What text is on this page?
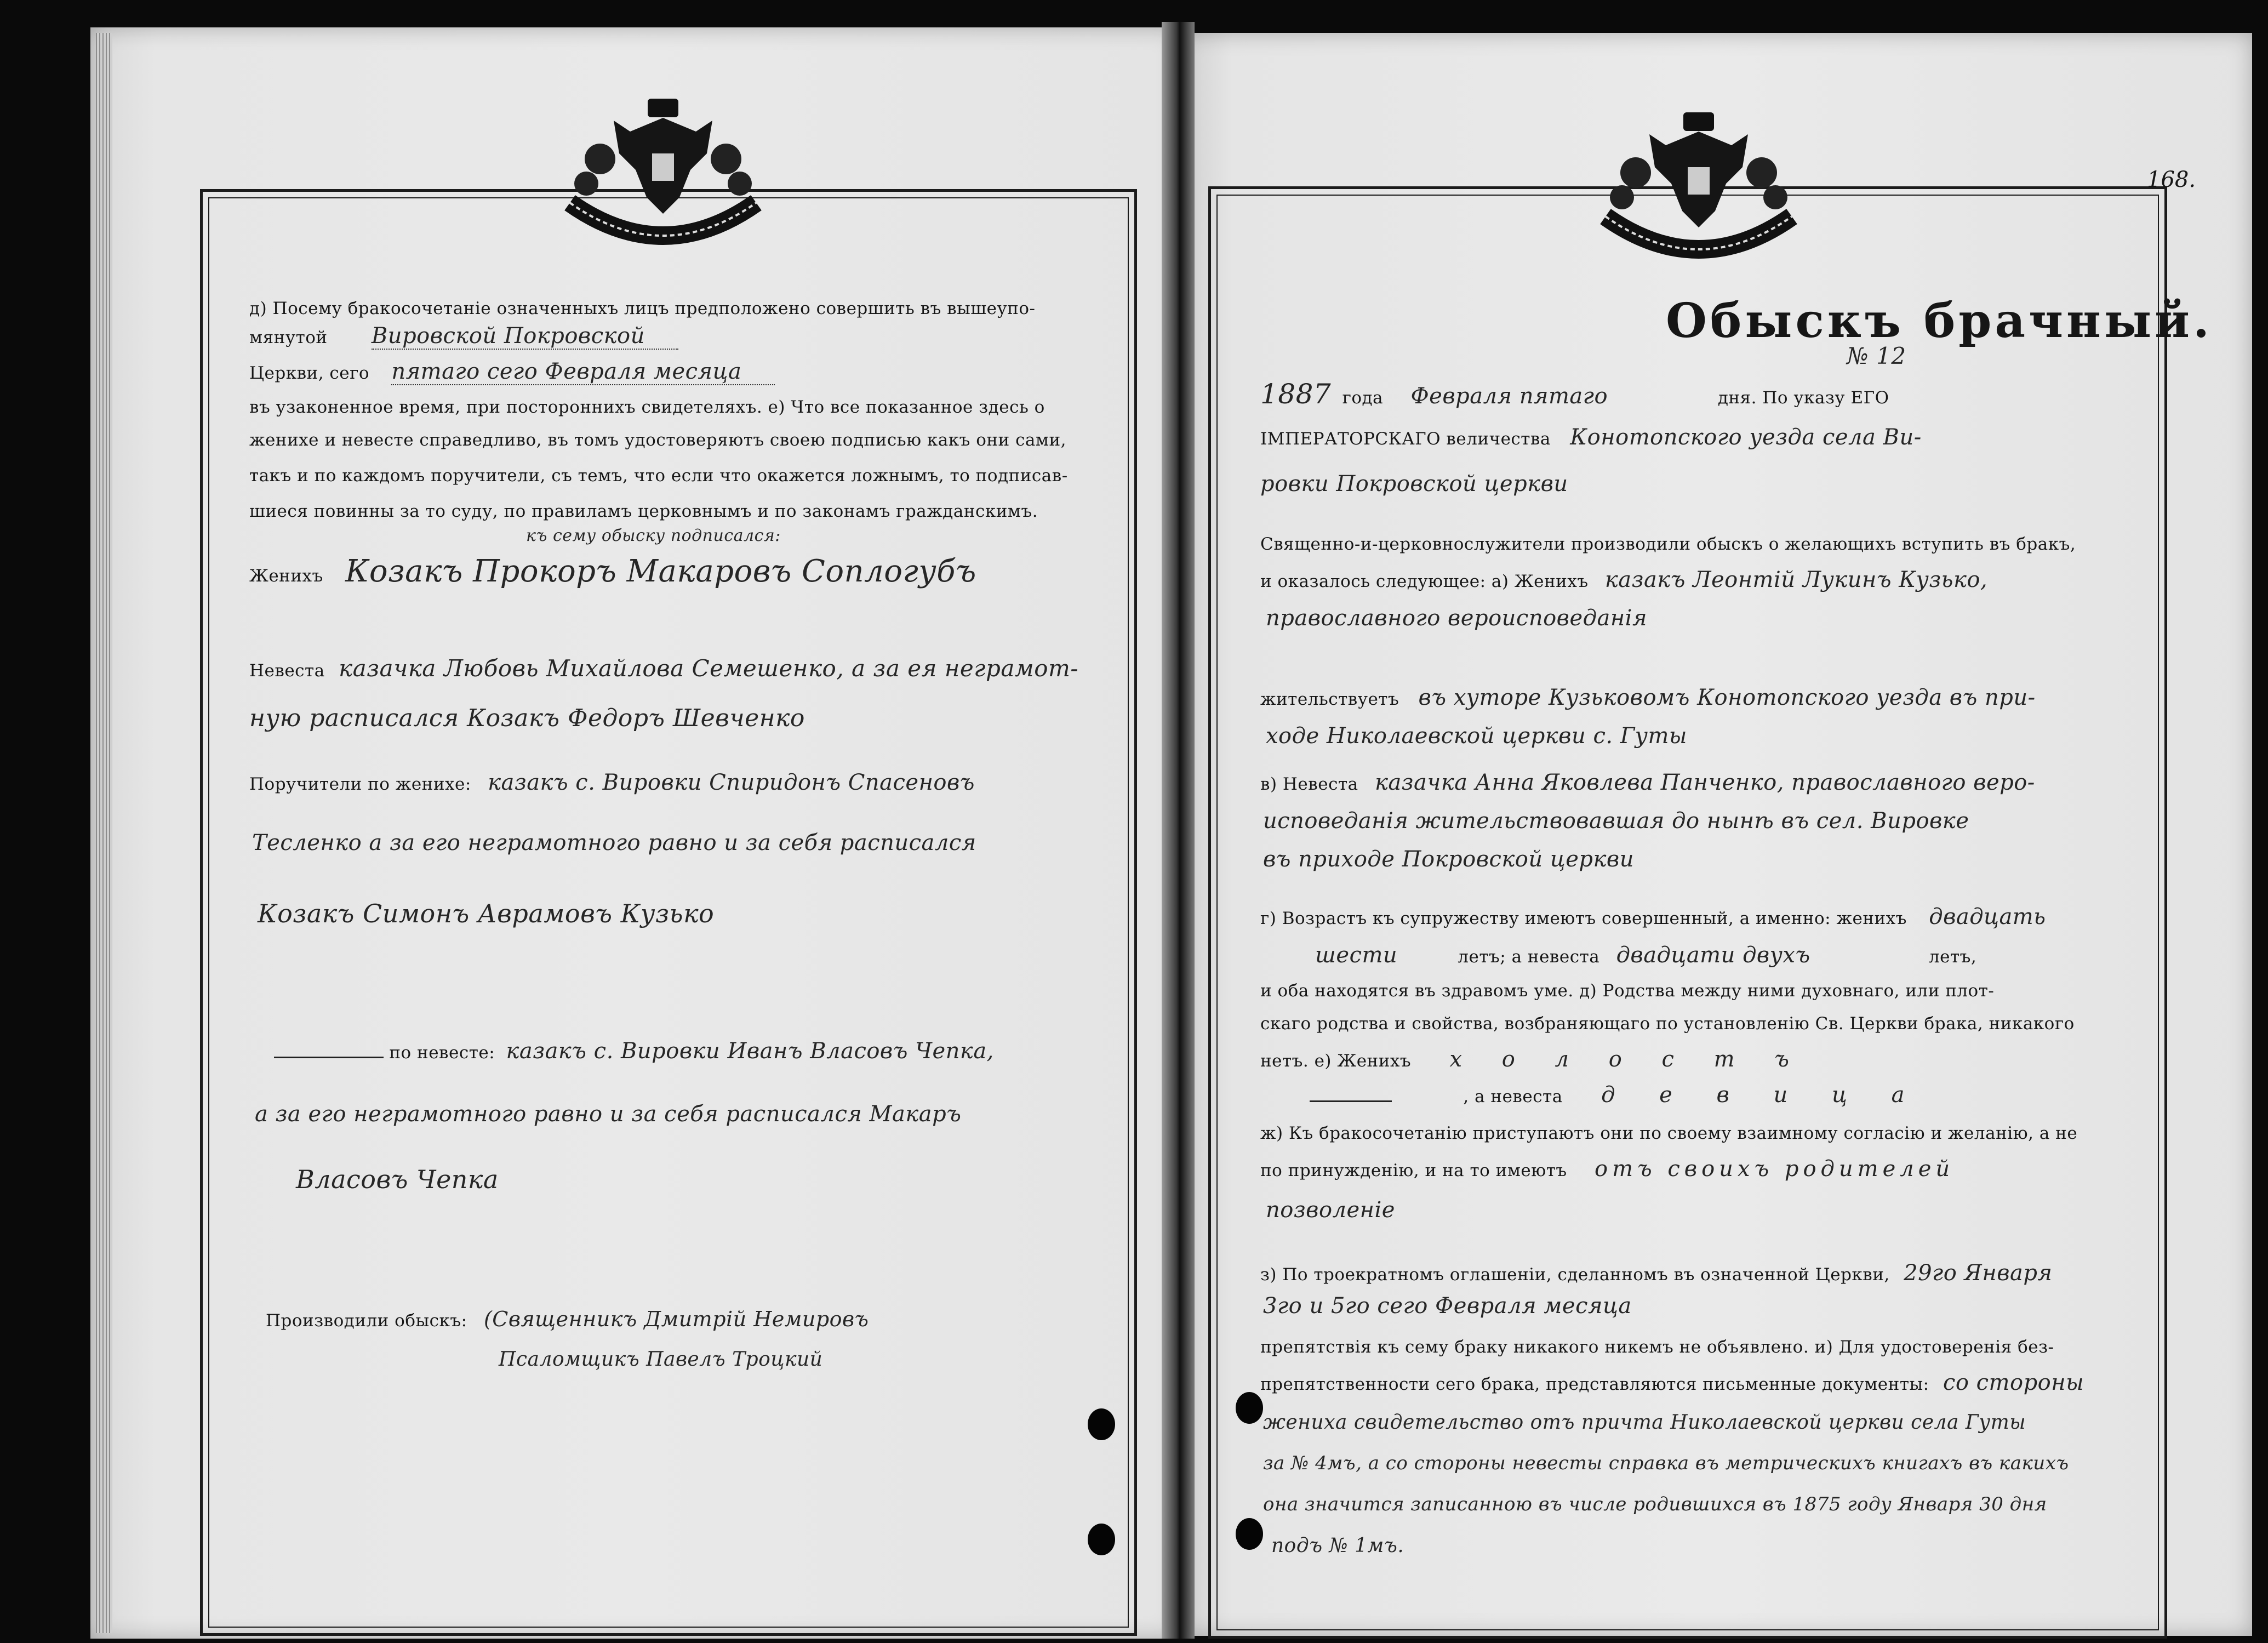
168.
д) Посему бракосочетанiе означенныхъ лицъ предположено совершить въ вышеупо-
мянутой Вировской Покровской
Церкви, сего пятаго сего Февраля месяца
въ узаконенное время, при постороннихъ свидетеляхъ. е) Что все показанное здесь о
женихе и невесте справедливо, въ томъ удостоверяютъ своею подписью какъ они сами,
такъ и по каждомъ поручители, съ темъ, что если что окажется ложнымъ, то подписав-
шиеся повинны за то суду, по правиламъ церковнымъ и по законамъ гражданскимъ.
къ сему обыску подписался:
Женихъ Козакъ Прокоръ Макаровъ Соплогубъ
Невеста казачка Любовь Михайлова Семешенко, а за ея неграмот-
ную расписался Козакъ Федоръ Шевченко
Поручители по женихе: казакъ с. Вировки Спиридонъ Спасеновъ
Тесленко а за его неграмотного равно и за себя расписался
Козакъ Симонъ Аврамовъ Кузько
по невесте: казакъ с. Вировки Иванъ Власовъ Чепка,
а за его неграмотного равно и за себя расписался Макаръ
Власовъ Чепка
Производили обыскъ: (Священникъ Дмитрiй Немировъ
Псаломщикъ Павелъ Троцкий
Обыскъ брачный.
№ 12
1887 года Февраля пятаго	дня. По указу ЕГО
IМПЕРАТОРСКАГО величества Конотопского уезда села Ви-
ровки Покровской церкви
Священно-и-церковнослужители производили обыскъ о желающихъ вступить въ бракъ,
и оказалось следующее: а) Женихъ казакъ Леонтiй Лукинъ Кузько,
православного вероисповеданiя
жительствуетъ въ хуторе Кузьковомъ Конотопского уезда въ при-
ходе Николаевской церкви с. Гуты
в) Невеста казачка Анна Яковлева Панченко, православного веро-
исповеданiя жительствовавшая до нынѣ въ сел. Вировке
въ приходе Покровской церкви
г) Возрастъ къ супружеству имеютъ совершенный, а именно: женихъ двадцать
шести	летъ; а невеста двадцати двухъ	летъ,
и оба находятся въ здравомъ уме. д) Родства между ними духовнаго, или плот-
скаго родства и свойства, возбраняющаго по установленiю Св. Церкви брака, никакого
нетъ. е) Женихъ х о л о с т ъ
, а невеста д е в и ц а
ж) Къ бракосочетанiю приступаютъ они по своему взаимному согласiю и желанiю, а не
по принужденiю, и на то имеютъ отъ своихъ родителей
позволенiе
з) По троекратномъ оглашенiи, сделанномъ въ означенной Церкви, 29го Января
3го и 5го сего Февраля месяца
препятствiя къ сему браку никакого никемъ не объявлено. и) Для удостоверенiя без-
препятственности сего брака, представляются письменные документы: со стороны
жениха свидетельство отъ причта Николаевской церкви села Гуты
за № 4мъ, а со стороны невесты справка въ метрическихъ книгахъ въ какихъ
она значится записанною въ числе родившихся въ 1875 году Января 30 дня
подъ № 1мъ.
